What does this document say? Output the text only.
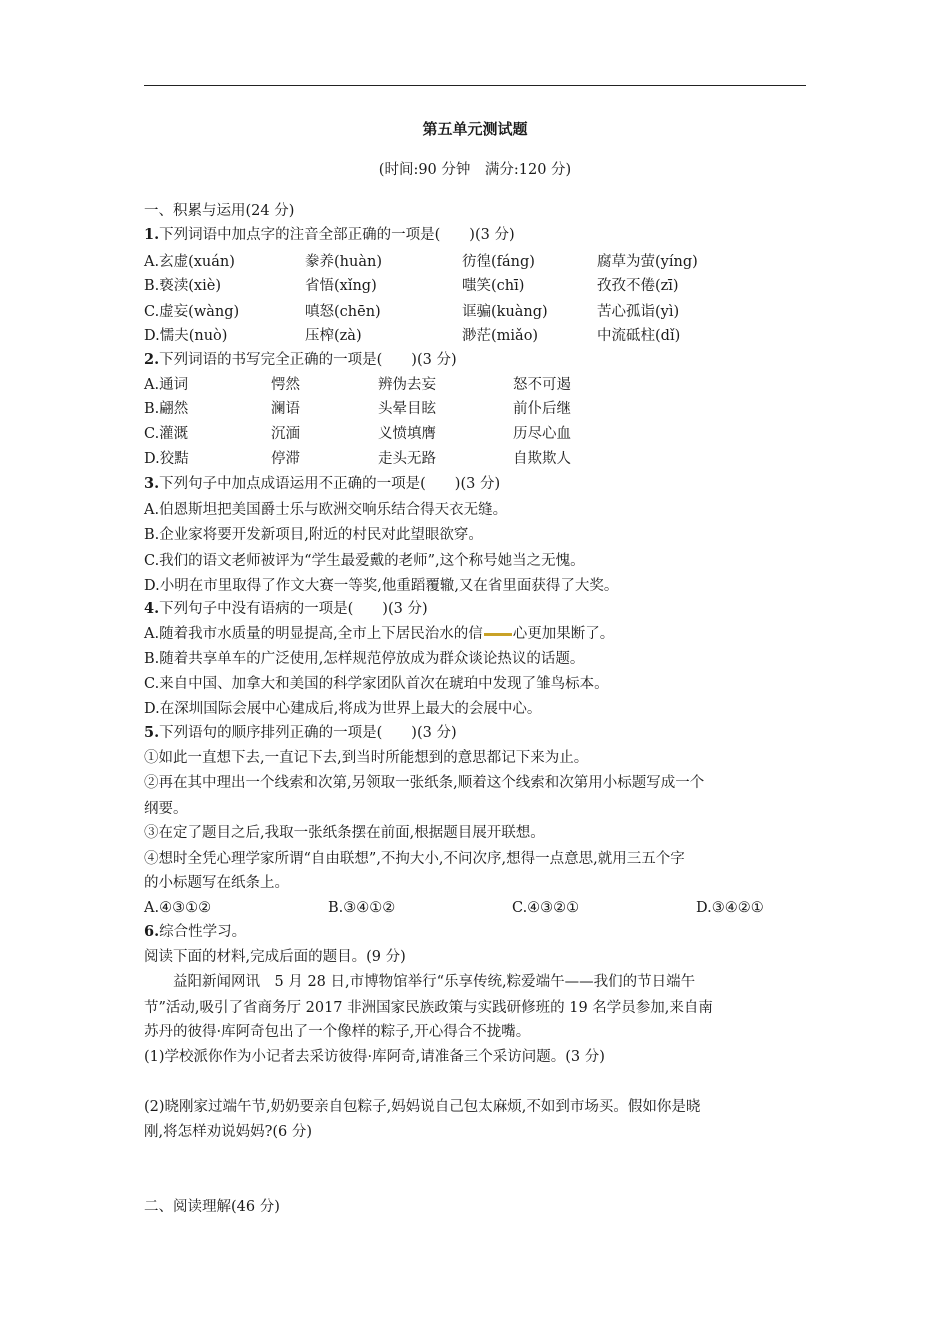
第五单元测试题
(时间:90 分钟　满分:120 分)
一、积累与运用(24 分)
1.下列词语中加点字的注音全部正确的一项是(　　)(3 分)
A.玄虚(xuán)	豢养(huàn)	彷徨(fáng)	腐草为萤(yíng)
B.亵渎(xiè)	省悟(xǐng)	嗤笑(chī)	孜孜不倦(zī)
C.虚妄(wàng)	嗔怒(chēn)	诓骗(kuàng)	苦心孤诣(yì)
D.懦夫(nuò)	压榨(zà)	渺茫(miǎo)	中流砥柱(dǐ)
2.下列词语的书写完全正确的一项是(　　)(3 分)
A.通词	愕然	辨伪去妄	怒不可遏
B.翩然	澜语	头晕目眩	前仆后继
C.灌溉	沉湎	义愤填膺	历尽心血
D.狡黠	停滞	走头无路	自欺欺人
3.下列句子中加点成语运用不正确的一项是(　　)(3 分)
A.伯恩斯坦把美国爵士乐与欧洲交响乐结合得天衣无缝。
B.企业家将要开发新项目,附近的村民对此望眼欲穿。
C.我们的语文老师被评为“学生最爱戴的老师”,这个称号她当之无愧。
D.小明在市里取得了作文大赛一等奖,他重蹈覆辙,又在省里面获得了大奖。
4.下列句子中没有语病的一项是(　　)(3 分)
A.随着我市水质量的明显提高,全市上下居民治水的信 心更加果断了。
B.随着共享单车的广泛使用,怎样规范停放成为群众谈论热议的话题。
C.来自中国、加拿大和美国的科学家团队首次在琥珀中发现了雏鸟标本。
D.在深圳国际会展中心建成后,将成为世界上最大的会展中心。
5.下列语句的顺序排列正确的一项是(　　)(3 分)
①如此一直想下去,一直记下去,到当时所能想到的意思都记下来为止。
②再在其中理出一个线索和次第,另领取一张纸条,顺着这个线索和次第用小标题写成一个
纲要。
③在定了题目之后,我取一张纸条摆在前面,根据题目展开联想。
④想时全凭心理学家所谓“自由联想”,不拘大小,不问次序,想得一点意思,就用三五个字
的小标题写在纸条上。
A.④③①②	B.③④①②	C.④③②①	D.③④②①
6.综合性学习。
阅读下面的材料,完成后面的题目。(9 分)
　　益阳新闻网讯　5 月 28 日,市博物馆举行“乐享传统,粽爱端午——我们的节日端午
节”活动,吸引了省商务厅 2017 非洲国家民族政策与实践研修班的 19 名学员参加,来自南
苏丹的彼得·库阿奇包出了一个像样的粽子,开心得合不拢嘴。
(1)学校派你作为小记者去采访彼得·库阿奇,请准备三个采访问题。(3 分)
(2)晓刚家过端午节,奶奶要亲自包粽子,妈妈说自己包太麻烦,不如到市场买。假如你是晓
刚,将怎样劝说妈妈?(6 分)
二、阅读理解(46 分)
